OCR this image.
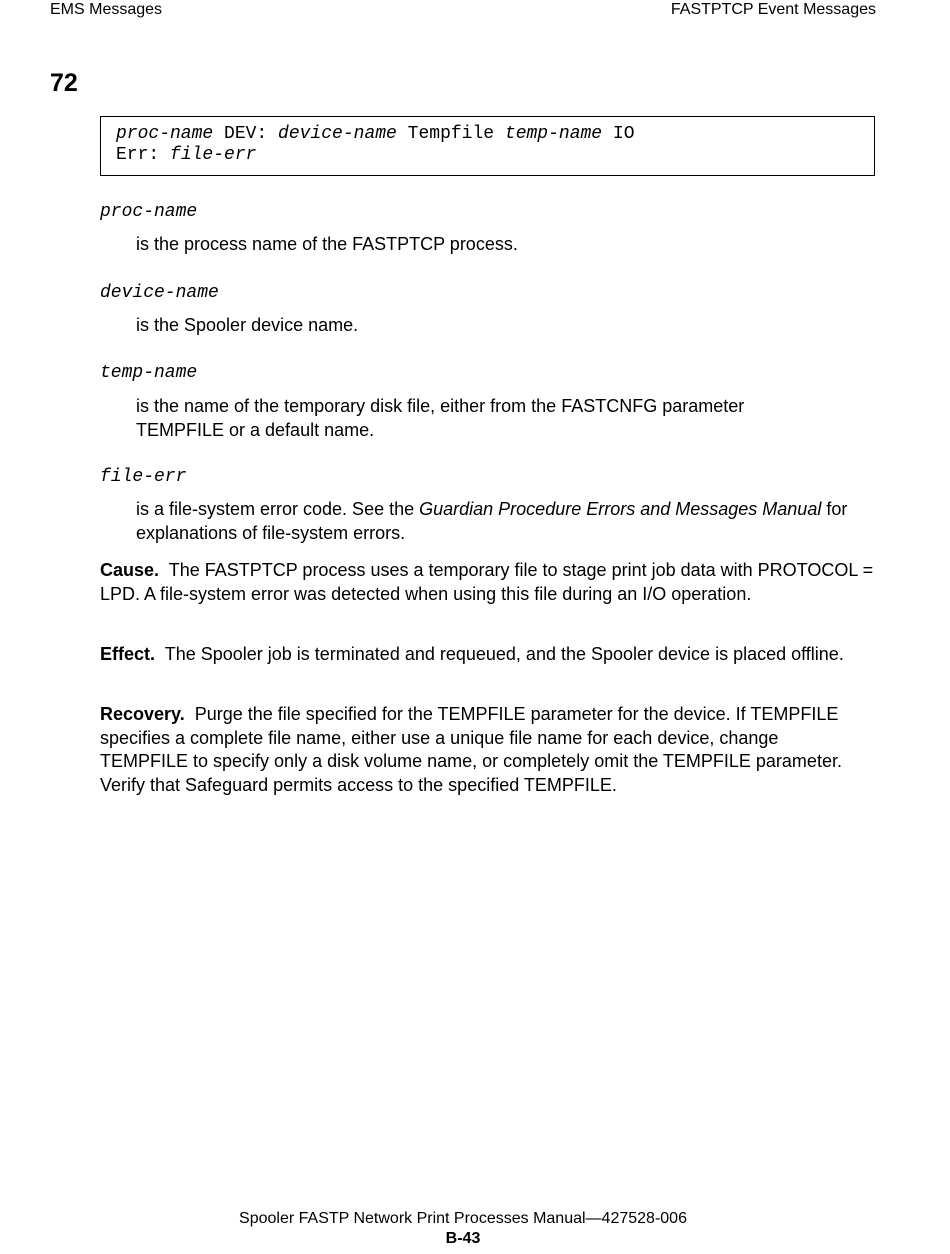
EMS Messages	FASTPTCP Event Messages
72
proc-name DEV: device-name Tempfile temp-name IO
Err: file-err
proc-name
is the process name of the FASTPTCP process.
device-name
is the Spooler device name.
temp-name
is the name of the temporary disk file, either from the FASTCNFG parameter TEMPFILE or a default name.
file-err
is a file-system error code. See the Guardian Procedure Errors and Messages Manual for explanations of file-system errors.
Cause. The FASTPTCP process uses a temporary file to stage print job data with PROTOCOL = LPD. A file-system error was detected when using this file during an I/O operation.
Effect. The Spooler job is terminated and requeued, and the Spooler device is placed offline.
Recovery. Purge the file specified for the TEMPFILE parameter for the device. If TEMPFILE specifies a complete file name, either use a unique file name for each device, change TEMPFILE to specify only a disk volume name, or completely omit the TEMPFILE parameter. Verify that Safeguard permits access to the specified TEMPFILE.
Spooler FASTP Network Print Processes Manual—427528-006
B-43
